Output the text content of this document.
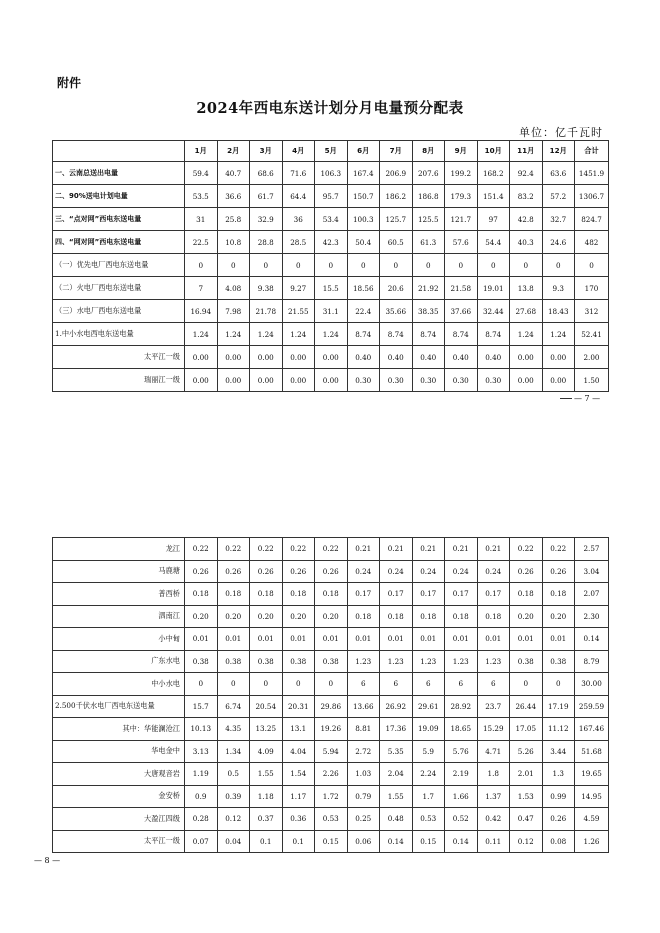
附件
2024年西电东送计划分月电量预分配表
单位：亿千瓦时
	1月	2月	3月	4月	5月	6月	7月	8月	9月	10月	11月	12月	合计
一、云南总送出电量	59.4	40.7	68.6	71.6	106.3	167.4	206.9	207.6	199.2	168.2	92.4	63.6	1451.9
二、90%送电计划电量	53.5	36.6	61.7	64.4	95.7	150.7	186.2	186.8	179.3	151.4	83.2	57.2	1306.7
三、“点对网”西电东送电量	31	25.8	32.9	36	53.4	100.3	125.7	125.5	121.7	97	42.8	32.7	824.7
四、“网对网”西电东送电量	22.5	10.8	28.8	28.5	42.3	50.4	60.5	61.3	57.6	54.4	40.3	24.6	482
（一）优先电厂西电东送电量	0	0	0	0	0	0	0	0	0	0	0	0	0
（二）火电厂西电东送电量	7	4.08	9.38	9.27	15.5	18.56	20.6	21.92	21.58	19.01	13.8	9.3	170
（三）水电厂西电东送电量	16.94	7.98	21.78	21.55	31.1	22.4	35.66	38.35	37.66	32.44	27.68	18.43	312
1.中小水电西电东送电量	1.24	1.24	1.24	1.24	1.24	8.74	8.74	8.74	8.74	8.74	1.24	1.24	52.41
太平江一级	0.00	0.00	0.00	0.00	0.00	0.40	0.40	0.40	0.40	0.40	0.00	0.00	2.00
瑞丽江一级	0.00	0.00	0.00	0.00	0.00	0.30	0.30	0.30	0.30	0.30	0.00	0.00	1.50
— 7 —
龙江	0.22	0.22	0.22	0.22	0.22	0.21	0.21	0.21	0.21	0.21	0.22	0.22	2.57
马鹿塘	0.26	0.26	0.26	0.26	0.26	0.24	0.24	0.24	0.24	0.24	0.26	0.26	3.04
普西桥	0.18	0.18	0.18	0.18	0.18	0.17	0.17	0.17	0.17	0.17	0.18	0.18	2.07
泗南江	0.20	0.20	0.20	0.20	0.20	0.18	0.18	0.18	0.18	0.18	0.20	0.20	2.30
小中甸	0.01	0.01	0.01	0.01	0.01	0.01	0.01	0.01	0.01	0.01	0.01	0.01	0.14
广东水电	0.38	0.38	0.38	0.38	0.38	1.23	1.23	1.23	1.23	1.23	0.38	0.38	8.79
中小水电	0	0	0	0	0	6	6	6	6	6	0	0	30.00
2.500千伏水电厂西电东送电量	15.7	6.74	20.54	20.31	29.86	13.66	26.92	29.61	28.92	23.7	26.44	17.19	259.59
其中：华能澜沧江	10.13	4.35	13.25	13.1	19.26	8.81	17.36	19.09	18.65	15.29	17.05	11.12	167.46
华电金中	3.13	1.34	4.09	4.04	5.94	2.72	5.35	5.9	5.76	4.71	5.26	3.44	51.68
大唐观音岩	1.19	0.5	1.55	1.54	2.26	1.03	2.04	2.24	2.19	1.8	2.01	1.3	19.65
金安桥	0.9	0.39	1.18	1.17	1.72	0.79	1.55	1.7	1.66	1.37	1.53	0.99	14.95
大盈江四级	0.28	0.12	0.37	0.36	0.53	0.25	0.48	0.53	0.52	0.42	0.47	0.26	4.59
太平江一级	0.07	0.04	0.1	0.1	0.15	0.06	0.14	0.15	0.14	0.11	0.12	0.08	1.26
— 8 —
